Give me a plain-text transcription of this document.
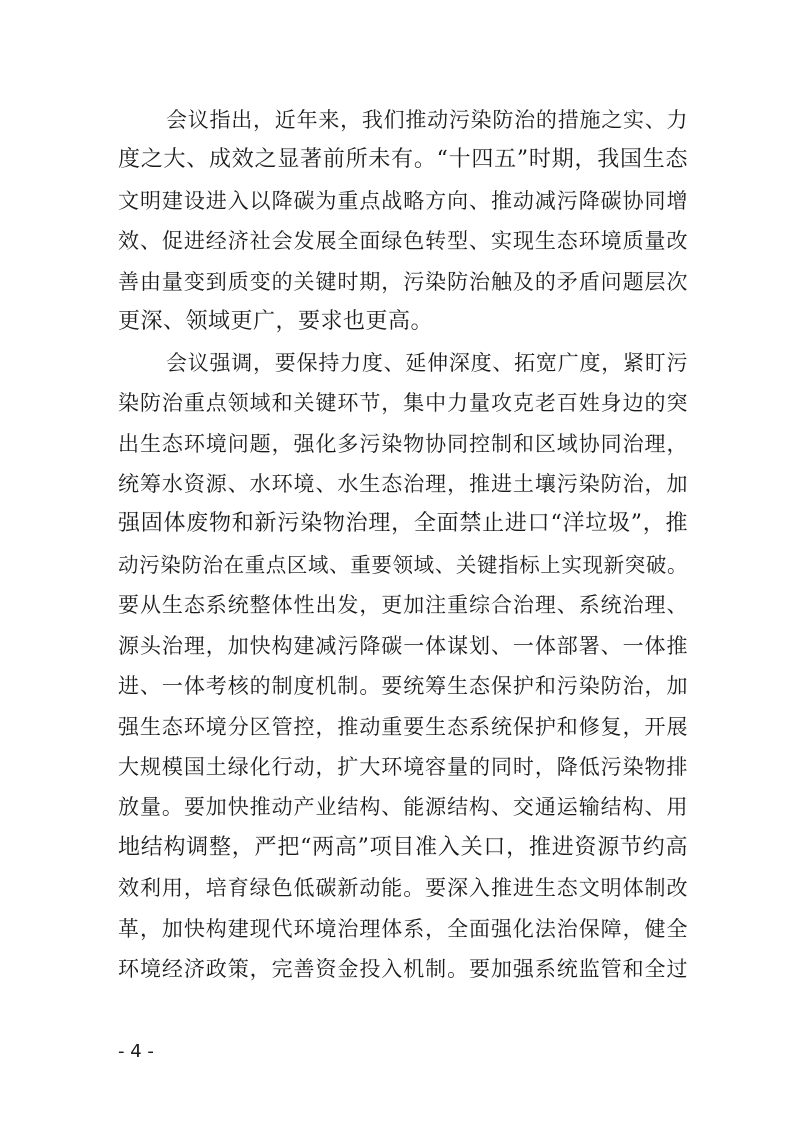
会议指出，近年来，我们推动污染防治的措施之实、力
度之大、成效之显著前所未有。“十四五”时期，我国生态
文明建设进入以降碳为重点战略方向、推动减污降碳协同增
效、促进经济社会发展全面绿色转型、实现生态环境质量改
善由量变到质变的关键时期，污染防治触及的矛盾问题层次
更深、领域更广，要求也更高。
会议强调，要保持力度、延伸深度、拓宽广度，紧盯污
染防治重点领域和关键环节，集中力量攻克老百姓身边的突
出生态环境问题，强化多污染物协同控制和区域协同治理，
统筹水资源、水环境、水生态治理，推进土壤污染防治，加
强固体废物和新污染物治理，全面禁止进口“洋垃圾”，推
动污染防治在重点区域、重要领域、关键指标上实现新突破。
要从生态系统整体性出发，更加注重综合治理、系统治理、
源头治理，加快构建减污降碳一体谋划、一体部署、一体推
进、一体考核的制度机制。要统筹生态保护和污染防治，加
强生态环境分区管控，推动重要生态系统保护和修复，开展
大规模国土绿化行动，扩大环境容量的同时，降低污染物排
放量。要加快推动产业结构、能源结构、交通运输结构、用
地结构调整，严把“两高”项目准入关口，推进资源节约高
效利用，培育绿色低碳新动能。要深入推进生态文明体制改
革，加快构建现代环境治理体系，全面强化法治保障，健全
环境经济政策，完善资金投入机制。要加强系统监管和全过
- 4 -
